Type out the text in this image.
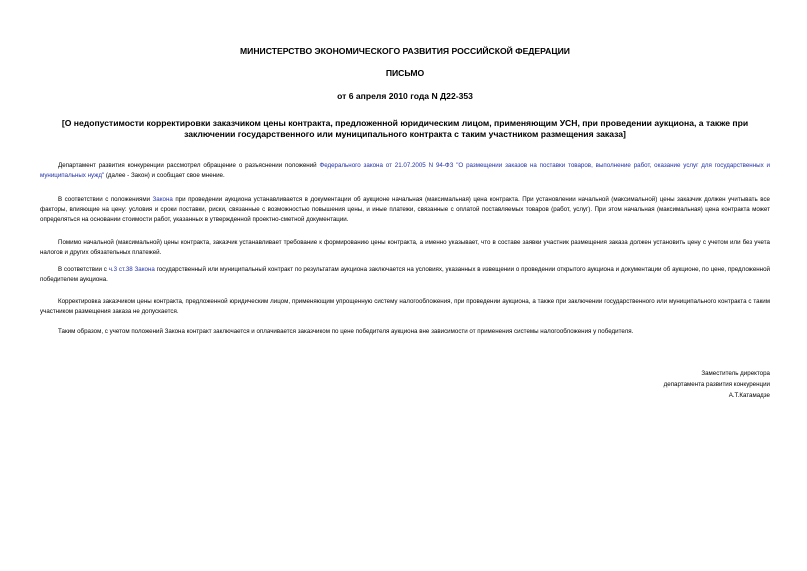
МИНИСТЕРСТВО ЭКОНОМИЧЕСКОГО РАЗВИТИЯ РОССИЙСКОЙ ФЕДЕРАЦИИ

ПИСЬМО

от 6 апреля 2010 года N Д22-353

[О недопустимости корректировки заказчиком цены контракта, предложенной юридическим лицом, применяющим УСН, при проведении аукциона, а также при заключении государственного или муниципального контракта с таким участником размещения заказа]

Департамент развития конкуренции рассмотрел обращение о разъяснении положений Федерального закона от 21.07.2005 N 94-ФЗ "О размещении заказов на поставки товаров, выполнение работ, оказание услуг для государственных и муниципальных нужд" (далее - Закон) и сообщает свое мнение.

В соответствии с положениями Закона при проведении аукциона устанавливается в документации об аукционе начальная (максимальная) цена контракта. При установлении начальной (максимальной) цены заказчик должен учитывать все факторы, влияющие на цену: условия и сроки поставки, риски, связанные с возможностью повышения цены, и иные платежи, связанные с оплатой поставляемых товаров (работ, услуг). При этом начальная (максимальная) цена контракта может определяться на основании стоимости работ, указанных в утвержденной проектно-сметной документации.

Помимо начальной (максимальной) цены контракта, заказчик устанавливает требование к формированию цены контракта, а именно указывает, что в составе заявки участник размещения заказа должен установить цену с учетом или без учета налогов и других обязательных платежей.

В соответствии с ч.3 ст.38 Закона государственный или муниципальный контракт по результатам аукциона заключается на условиях, указанных в извещении о проведении открытого аукциона и документации об аукционе, по цене, предложенной победителем аукциона.

Корректировка заказчиком цены контракта, предложенной юридическим лицом, применяющим упрощенную систему налогообложения, при проведении аукциона, а также при заключении государственного или муниципального контракта с таким участником размещения заказа не допускается.

Таким образом, с учетом положений Закона контракт заключается и оплачивается заказчиком по цене победителя аукциона вне зависимости от применения системы налогообложения у победителя.

Заместитель директора
департамента развития конкуренции
А.Т.Катамадзе
